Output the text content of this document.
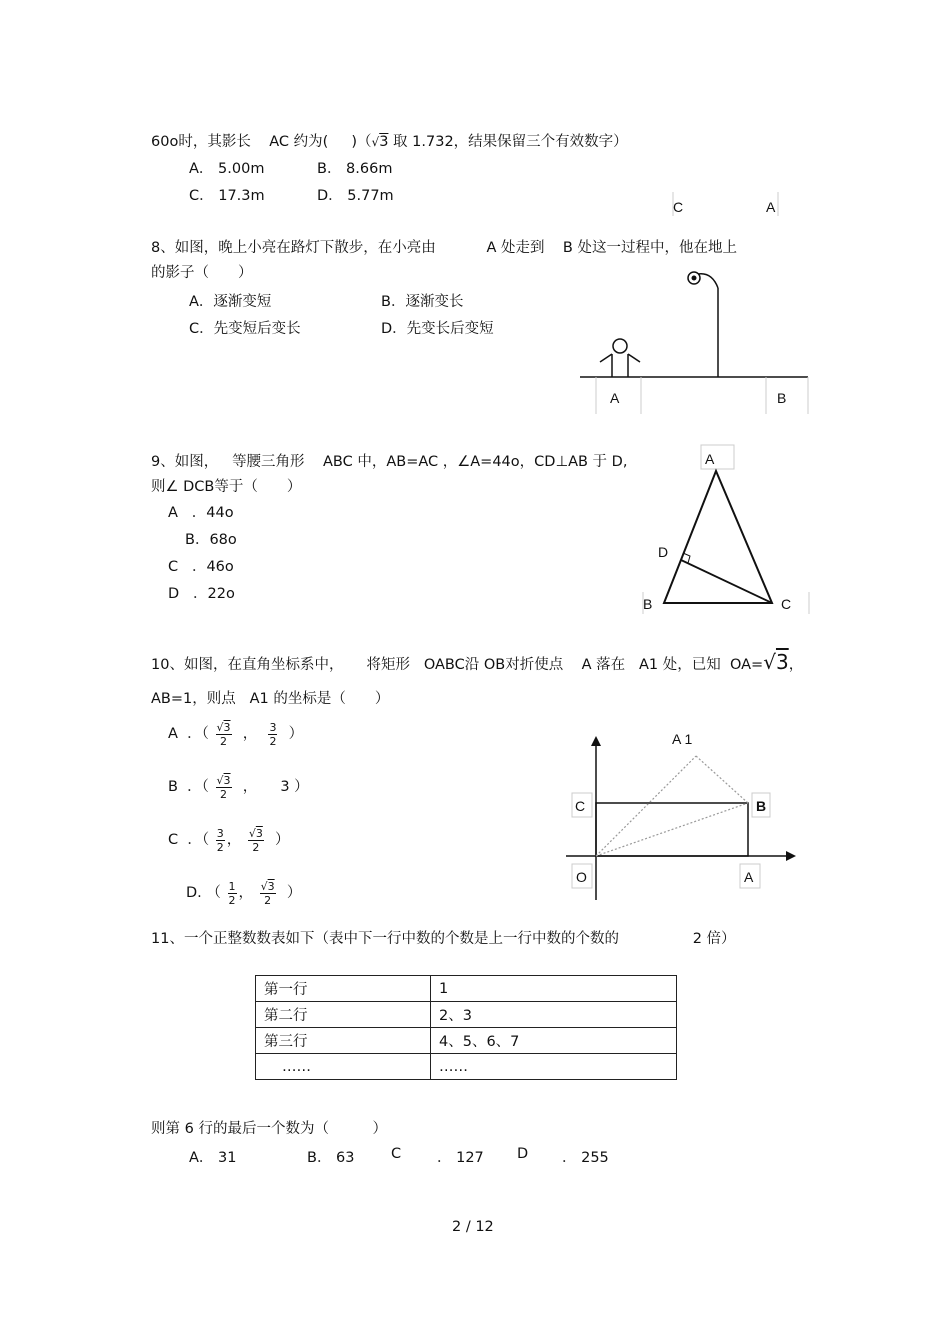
60o时，其影长 AC 约为( )（√3 取 1.732，结果保留三个有效数字）
A． 5.00m	B． 8.66m
C． 17.3m	D． 5.77m
C	A
8、如图，晚上小亮在路灯下散步，在小亮由	A 处走到 B 处这一过程中，他在地上
的影子（　　）
A．逐渐变短	B．逐渐变长
C．先变短后变长	D．先变长后变短
A	B
9、如图， 等腰三角形 ABC 中，AB=AC ，∠A=44o，CD⊥AB 于 D,
则∠ DCB等于（　　）
A ．44o
B．68o
C ．46o
D ．22o
A
D
B	C
10、如图，在直角坐标系中， 将矩形 OABC沿 OB对折使点 A 落在 A1 处，已知 OA=√3，
AB=1，则点 A1 的坐标是（　　）
A ．（ $\frac{√3}{2}$ ， $\frac{3}{2}$ ）
B ．（ $\frac{√3}{2}$ ， 3 ）
C ．（ $\frac{3}{2}$ ， $\frac{√3}{2}$ ）
D. （ $\frac{1}{2}$ ， $\frac{√3}{2}$ ）
A 1
C	B
O	A
11、一个正整数数表如下（表中下一行中数的个数是上一行中数的个数的	2 倍）
第一行	1
第二行	2、3
第三行	4、5、6、7
……	……
则第 6 行的最后一个数为（　　　）
A． 31	B． 63	C ． 127 D ． 255
2 / 12
